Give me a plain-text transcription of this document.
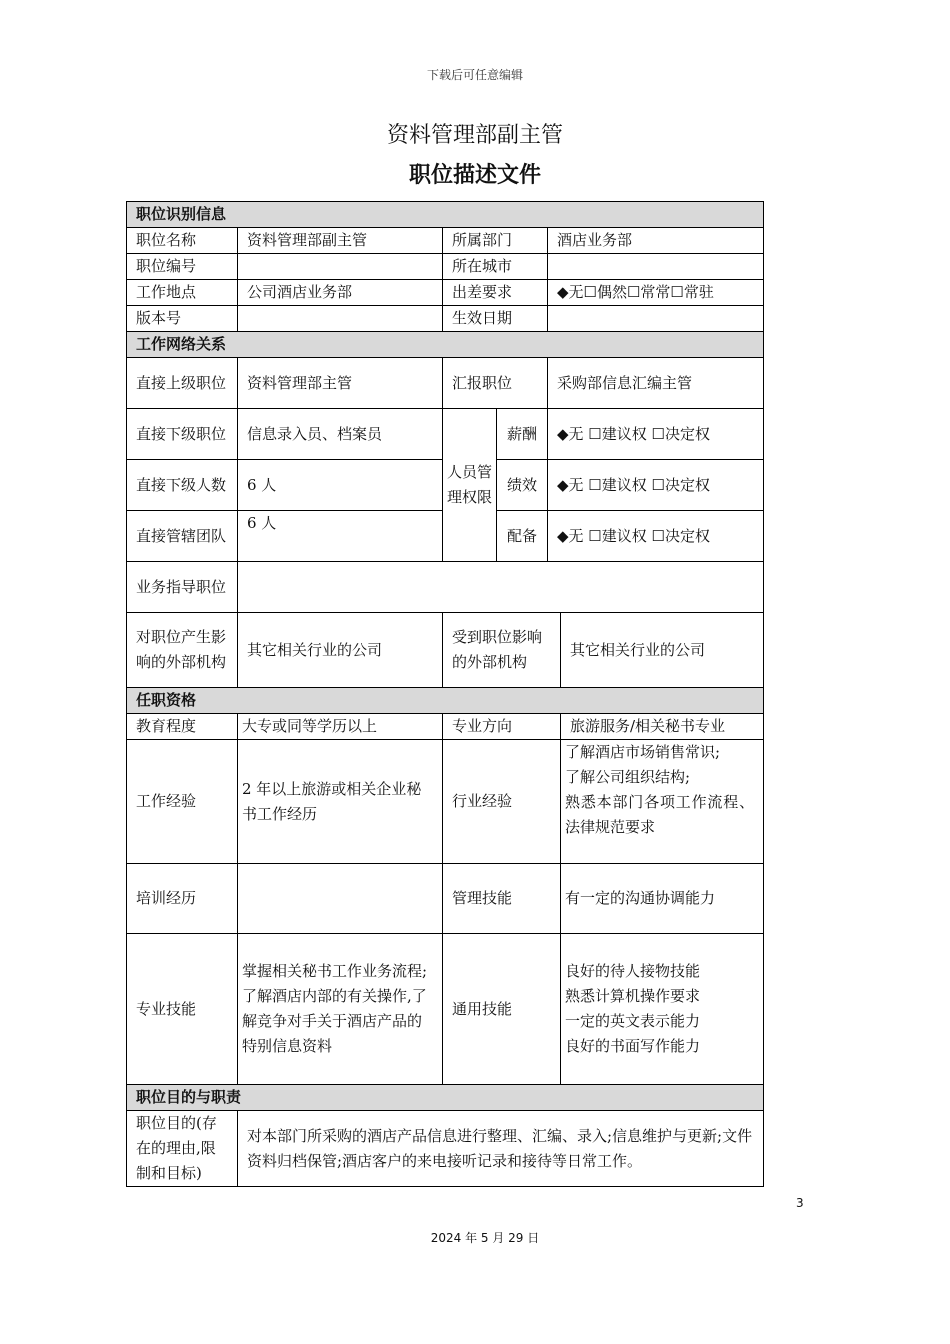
下载后可任意编辑
资料管理部副主管
职位描述文件
职位识别信息					
职位名称	资料管理部副主管	所属部门		酒店业务部	
职位编号		所在城市			
工作地点	公司酒店业务部	出差要求		◆无☐偶然☐常常☐常驻	
版本号		生效日期			
工作网络关系					
直接上级职位	资料管理部主管	汇报职位		采购部信息汇编主管	
直接下级职位	信息录入员、档案员	人员管理权限	薪酬	◆无 ☐建议权 ☐决定权	
直接下级人数	6 人		绩效	◆无 ☐建议权 ☐决定权	
直接管辖团队	6 人		配备	◆无 ☐建议权 ☐决定权	
业务指导职位					
对职位产生影响的外部机构	其它相关行业的公司	受到职位影响的外部机构			其它相关行业的公司
任职资格					
教育程度	大专或同等学历以上	专业方向			旅游服务/相关秘书专业
工作经验	2 年以上旅游或相关企业秘书工作经历	行业经验			了解酒店市场销售常识;
了解公司组织结构;
熟悉本部门各项工作流程、法律规范要求
培训经历		管理技能			有一定的沟通协调能力
专业技能	掌握相关秘书工作业务流程;
了解酒店内部的有关操作,了解竞争对手关于酒店产品的特别信息资料	通用技能			良好的待人接物技能
熟悉计算机操作要求
一定的英文表示能力
良好的书面写作能力
职位目的与职责					
职位目的(存在的理由,限制和目标)	对本部门所采购的酒店产品信息进行整理、汇编、录入;信息维护与更新;文件资料归档保管;酒店客户的来电接听记录和接待等日常工作。				
3
2024 年 5 月 29 日
